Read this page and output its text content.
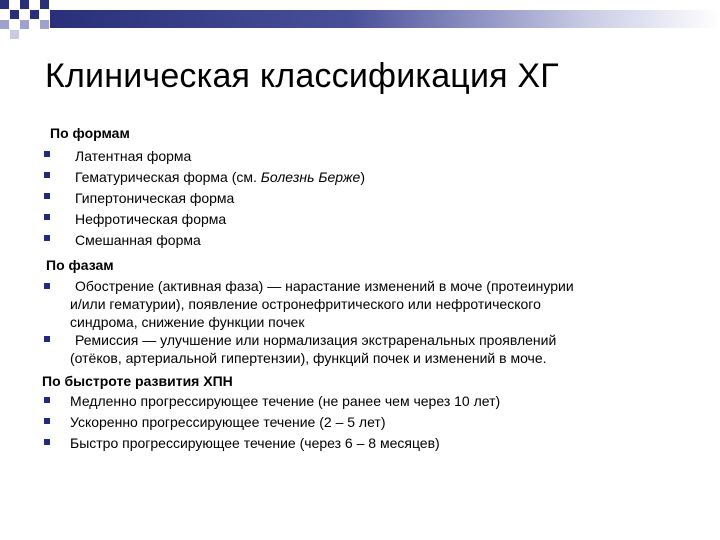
Клиническая классификация ХГ
По формам
Латентная форма
Гематурическая форма (см. Болезнь Берже)
Гипертоническая форма
Нефротическая форма
Смешанная форма
По фазам
Обострение (активная фаза) — нарастание изменений в моче (протеинурии
и/или гематурии), появление остронефритического или нефротического
синдрома, снижение функции почек
Ремиссия — улучшение или нормализация экстраренальных проявлений
(отёков, артериальной гипертензии), функций почек и изменений в моче.
По быстроте развития ХПН
Медленно прогрессирующее течение (не ранее чем через 10 лет)
Ускоренно прогрессирующее течение (2 – 5 лет)
Быстро прогрессирующее течение (через 6 – 8 месяцев)
